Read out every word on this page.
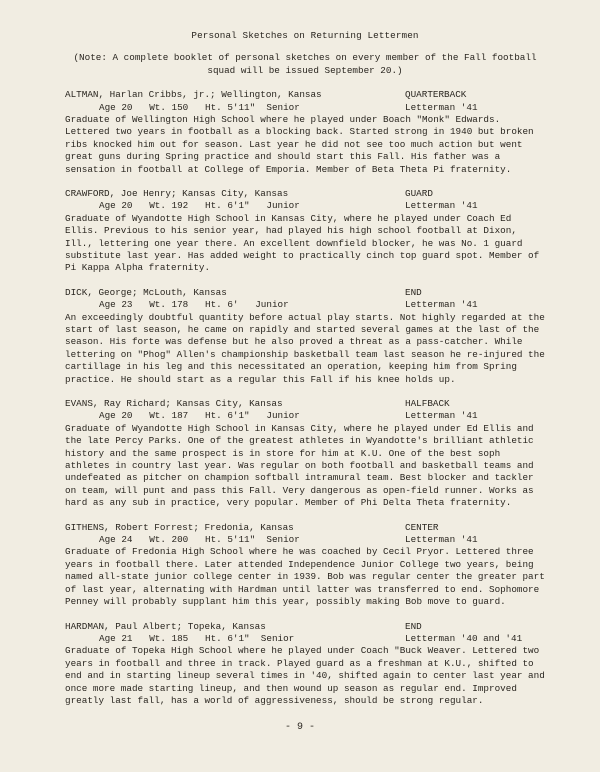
Personal Sketches on Returning Lettermen
(Note: A complete booklet of personal sketches on every member of the Fall football squad will be issued September 20.)
ALTMAN, Harlan Cribbs, jr.; Wellington, Kansas	QUARTERBACK
Age 20   Wt. 150   Ht. 5'11"  Senior	Letterman '41
Graduate of Wellington High School where he played under Boach "Monk" Edwards. Lettered two years in football as a blocking back. Started strong in 1940 but broken ribs knocked him out for season. Last year he did not see too much action but went great guns during Spring practice and should start this Fall. His father was a sensation in football at College of Emporia. Member of Beta Theta Pi fraternity.
CRAWFORD, Joe Henry; Kansas City, Kansas	GUARD
Age 20   Wt. 192   Ht. 6'1"   Junior	Letterman '41
Graduate of Wyandotte High School in Kansas City, where he played under Coach Ed Ellis. Previous to his senior year, had played his high school football at Dixon, Ill., lettering one year there. An excellent downfield blocker, he was No. 1 guard substitute last year. Has added weight to practically cinch top guard spot. Member of Pi Kappa Alpha fraternity.
DICK, George; McLouth, Kansas	END
Age 23   Wt. 178   Ht. 6'   Junior	Letterman '41
An exceedingly doubtful quantity before actual play starts. Not highly regarded at the start of last season, he came on rapidly and started several games at the last of the season. His forte was defense but he also proved a threat as a pass-catcher. While lettering on "Phog" Allen's championship basketball team last season he re-injured the cartillage in his leg and this necessitated an operation, keeping him from Spring practice. He should start as a regular this Fall if his knee holds up.
EVANS, Ray Richard; Kansas City, Kansas	HALFBACK
Age 20   Wt. 187   Ht. 6'1"   Junior	Letterman '41
Graduate of Wyandotte High School in Kansas City, where he played under Ed Ellis and the late Percy Parks. One of the greatest athletes in Wyandotte's brilliant athletic history and the same prospect is in store for him at K.U. One of the best soph athletes in country last year. Was regular on both football and basketball teams and undefeated as pitcher on champion softball intramural team. Best blocker and tackler on team, will punt and pass this Fall. Very dangerous as open-field runner. Works as hard as any sub in practice, very popular. Member of Phi Delta Theta fraternity.
GITHENS, Robert Forrest; Fredonia, Kansas	CENTER
Age 24   Wt. 200   Ht. 5'11"  Senior	Letterman '41
Graduate of Fredonia High School where he was coached by Cecil Pryor. Lettered three years in football there. Later attended Independence Junior College two years, being named all-state junior college center in 1939. Bob was regular center the greater part of last year, alternating with Hardman until latter was transferred to end. Sophomore Penney will probably supplant him this year, possibly making Bob move to guard.
HARDMAN, Paul Albert; Topeka, Kansas	END
Age 21   Wt. 185   Ht. 6'1"  Senior	Letterman '40 and '41
Graduate of Topeka High School where he played under Coach "Buck Weaver. Lettered two years in football and three in track. Played guard as a freshman at K.U., shifted to end and in starting lineup several times in '40, shifted again to center last year and once more made starting lineup, and then wound up season as regular end. Improved greatly last fall, has a world of aggressiveness, should be strong regular.
- 9 -
